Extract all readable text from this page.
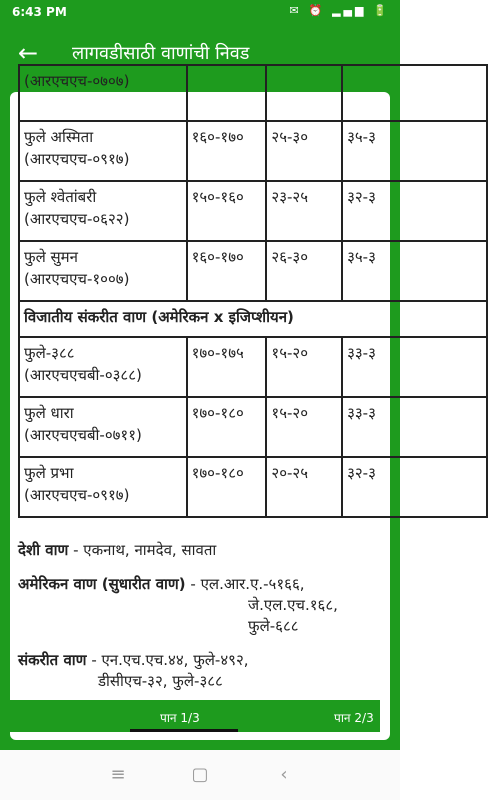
6:43 PM	✉ ⏰ ▂▄▆ 🔋
← लागवडीसाठी वाणांची निवड
(आरएचएच-०७०७)			

फुले अस्मिता
(आरएचएच-०९१७)	१६०-१७०	२५-३०	३५-३

फुले श्वेतांबरी
(आरएचएच-०६२२)	१५०-१६०	२३-२५	३२-३

फुले सुमन
(आरएचएच-१००७)	१६०-१७०	२६-३०	३५-३
विजातीय संकरीत वाण (अमेरिकन x इजिप्शीयन)			

फुले-३८८
(आरएचएचबी-०३८८)	१७०-१७५	१५-२०	३३-३

फुले धारा
(आरएचएचबी-०७११)	१७०-१८०	१५-२०	३३-३

फुले प्रभा
(आरएचएच-०९१७)	१७०-१८०	२०-२५	३२-३
देशी वाण - एकनाथ, नामदेव, सावता
अमेरिकन वाण (सुधारीत वाण) - एल.आर.ए.-५१६६,
जे.एल.एच.१६८,
फुले-६८८
संकरीत वाण - एन.एच.एच.४४, फुले-४९२,
डीसीएच-३२, फुले-३८८
पान 1/3	पान 2/3
≡	▢	‹
